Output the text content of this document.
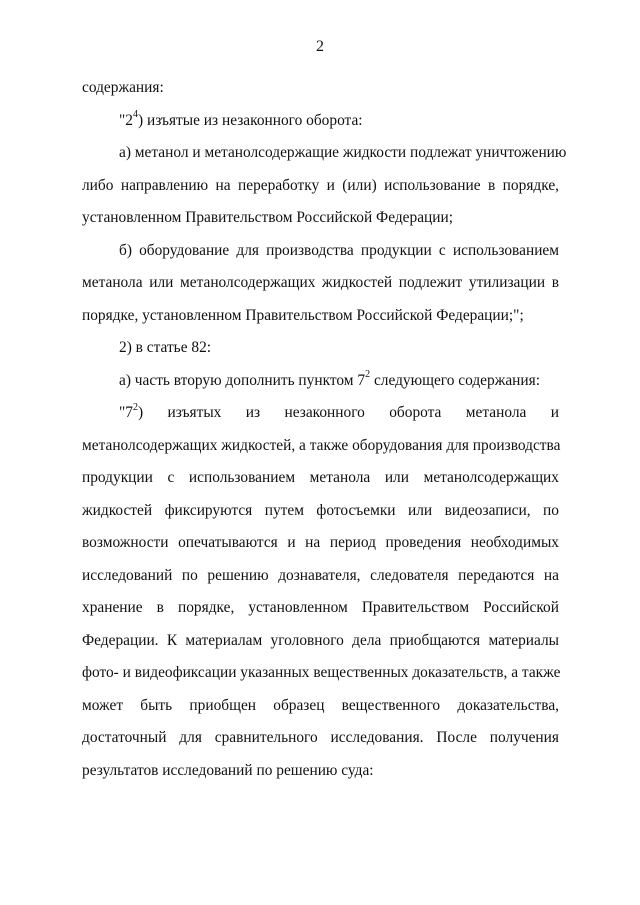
2
содержания:
"$2^4$) изъятые из незаконного оборота:
а) метанол и метанолсодержащие жидкости подлежат уничтожению
либо направлению на переработку и (или) использование в порядке,
установленном Правительством Российской Федерации;
б) оборудование для производства продукции с использованием
метанола или метанолсодержащих жидкостей подлежит утилизации в
порядке, установленном Правительством Российской Федерации;";
2) в статье 82:
а) часть вторую дополнить пунктом $7^2$ следующего содержания:
"$7^2$) изъятых из незаконного оборота метанола и
метанолсодержащих жидкостей, а также оборудования для производства
продукции с использованием метанола или метанолсодержащих
жидкостей фиксируются путем фотосъемки или видеозаписи, по
возможности опечатываются и на период проведения необходимых
исследований по решению дознавателя, следователя передаются на
хранение в порядке, установленном Правительством Российской
Федерации. К материалам уголовного дела приобщаются материалы
фото- и видеофиксации указанных вещественных доказательств, а также
может быть приобщен образец вещественного доказательства,
достаточный для сравнительного исследования. После получения
результатов исследований по решению суда:
